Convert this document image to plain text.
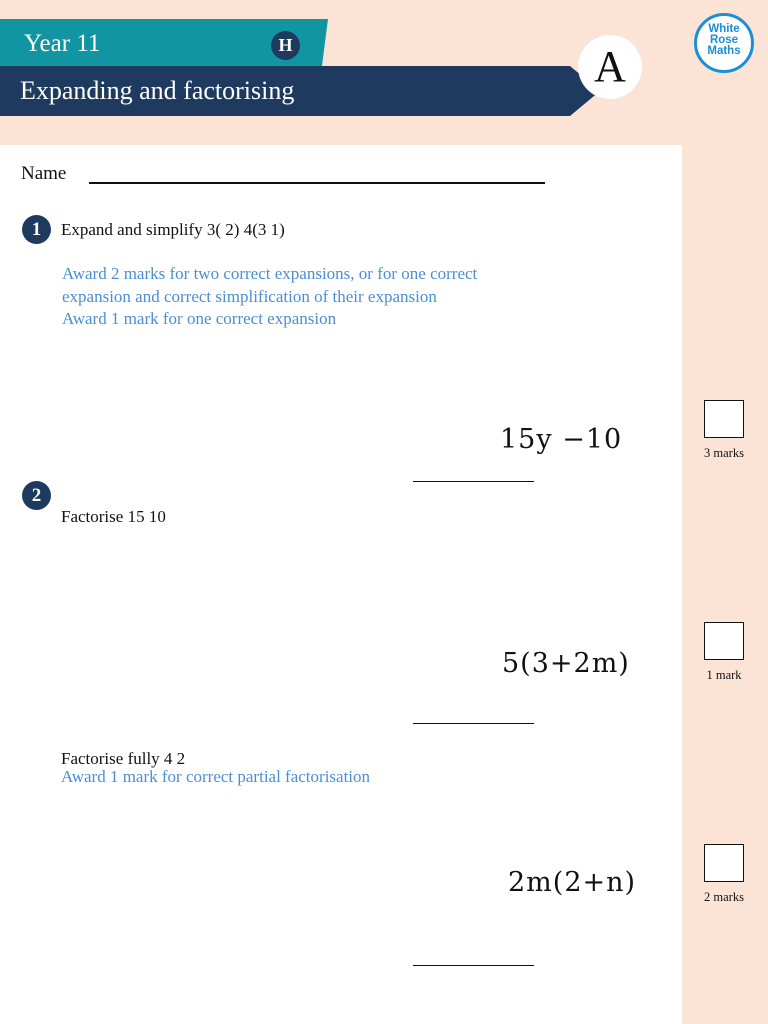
Year 11	H
Expanding and factorising	A
White
Rose
Maths
Name
1	Expand and simplify 3( 2) 4(3 1)
Award 2 marks for two correct expansions, or for one correct
expansion and correct simplification of their expansion
Award 1 mark for one correct expansion
15y −10	3 marks
2
Factorise 15 10
5(3+2m)	1 mark
Factorise fully 4 2
Award 1 mark for correct partial factorisation
2m(2+n)	2 marks
